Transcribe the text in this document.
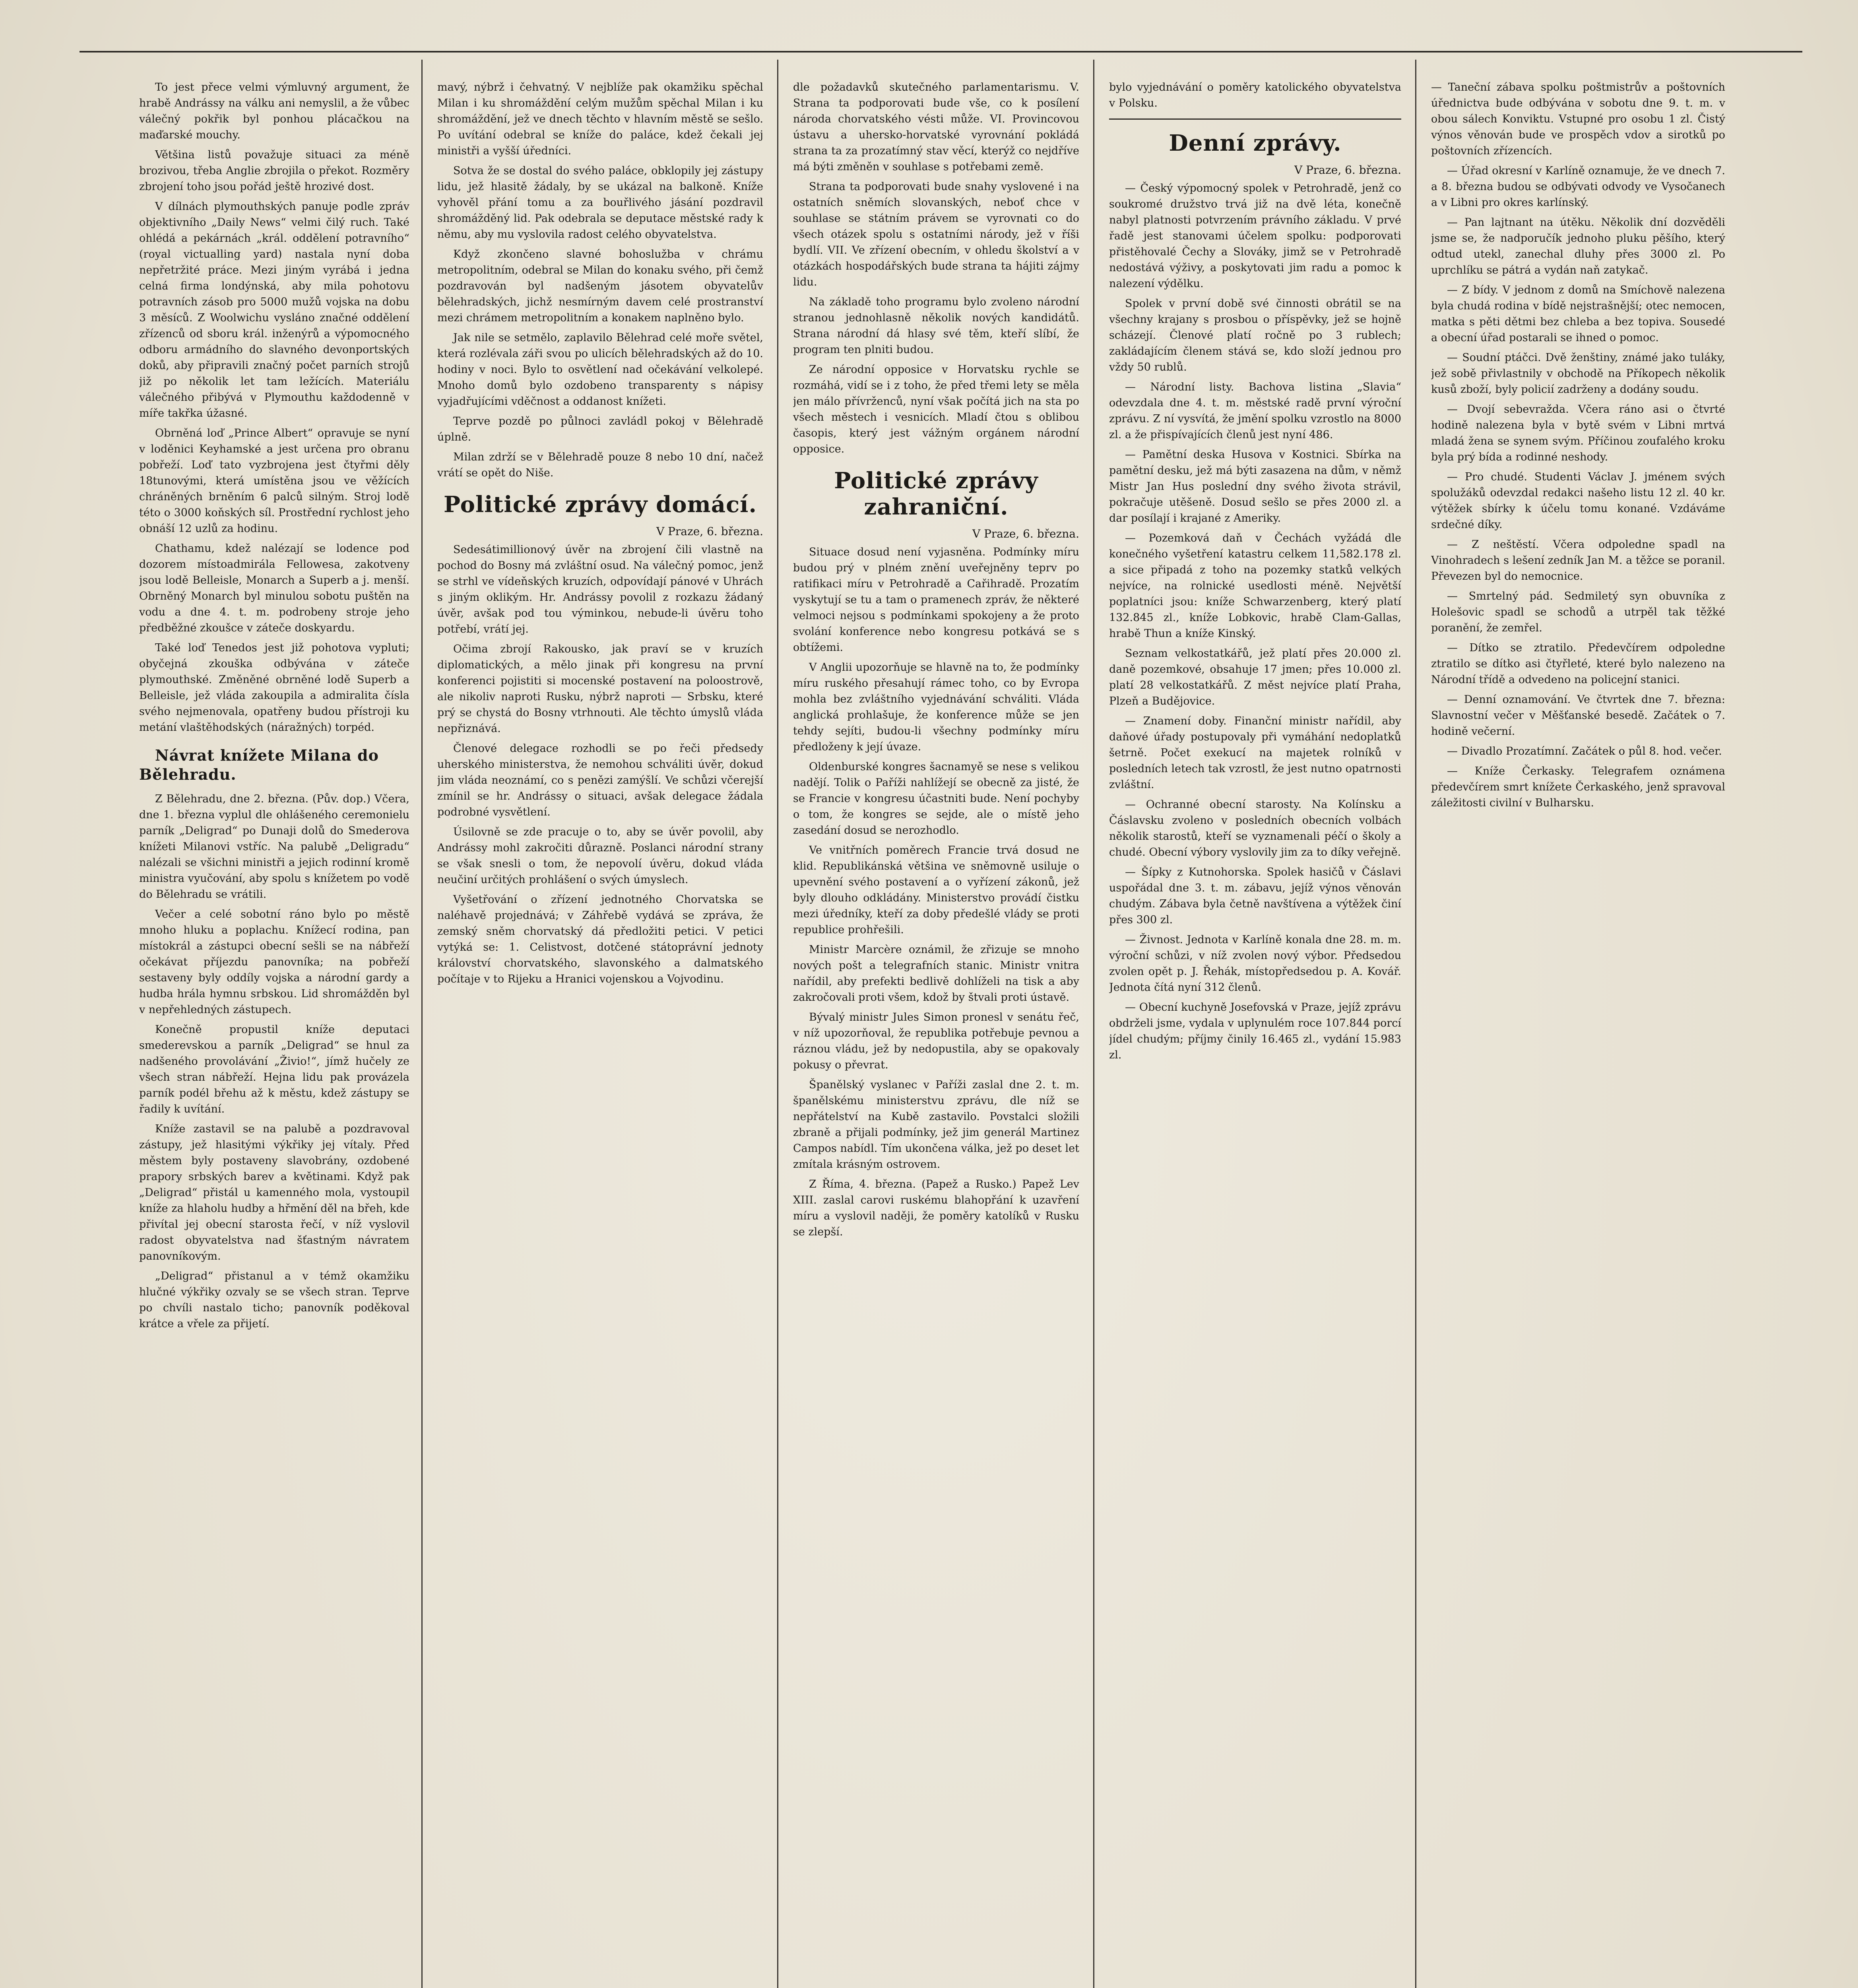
To jest přece velmi výmluvný argument, že hrabě Andrássy na válku ani nemyslil, a že vůbec válečný pokřik byl ponhou plácačkou na maďarské mouchy.

Většina listů považuje situaci za méně brozivou, třeba Anglie zbrojila o překot. Rozměry zbrojení toho jsou pořád ještě hrozivé dost.

V dílnách plymouthských panuje podle zpráv objektivního „Daily News“ velmi čilý ruch. Také ohlédá a pekárnách „král. oddělení potravního“ (royal victualling yard) nastala nyní doba nepřetržité práce. Mezi jiným vyrábá i jedna celná firma londýnská, aby mila pohotovu potravních zásob pro 5000 mužů vojska na dobu 3 měsíců. Z Woolwichu vysláno značné oddělení zřízenců od sboru král. inženýrů a výpomocného odboru armádního do slavného devonportských doků, aby připravili značný počet parních strojů již po několik let tam ležících. Materiálu válečného přibývá v Plymouthu každodenně v míře takřka úžasné.

Obrněná loď „Prince Albert“ opravuje se nyní v loděnici Keyhamské a jest určena pro obranu pobřeží. Loď tato vyzbrojena jest čtyřmi děly 18tunovými, která umístěna jsou ve věžících chráněných brněním 6 palců silným. Stroj lodě této o 3000 koňských síl. Prostřední rychlost jeho obnáší 12 uzlů za hodinu.

Chathamu, kdež nalézají se lodence pod dozorem místoadmirála Fellowesa, zakotveny jsou lodě Belleisle, Monarch a Superb a j. menší. Obrněný Monarch byl minulou sobotu puštěn na vodu a dne 4. t. m. podrobeny stroje jeho předběžné zkoušce v záteče doskyardu.

Také loď Tenedos jest již pohotova vypluti; obyčejná zkouška odbývána v záteče plymouthské. Změněné obrněné lodě Superb a Belleisle, jež vláda zakoupila a admiralita čísla svého nejmenovala, opatřeny budou přístroji ku metání vlaštěhodských (náražných) torpéd.

Návrat knížete Milana do Bělehradu.

Z Bělehradu, dne 2. března. (Pův. dop.) Včera, dne 1. března vyplul dle ohlášeného ceremonielu parník „Deligrad“ po Dunaji dolů do Smederova knížeti Milanovi vstříc. Na palubě „Deligradu“ nalézali se všichni ministři a jejich rodinní kromě ministra vyučování, aby spolu s knížetem po vodě do Bělehradu se vrátili.

Večer a celé sobotní ráno bylo po městě mnoho hluku a poplachu. Knížecí rodina, pan místokrál a zástupci obecní sešli se na nábřeží očekávat příjezdu panovníka; na pobřeží sestaveny byly oddíly vojska a národní gardy a hudba hrála hymnu srbskou. Lid shromážděn byl v nepřehledných zástupech.

Konečně propustil kníže deputaci smederevskou a parník „Deligrad“ se hnul za nadšeného provolávání „Živio!“, jímž hučely ze všech stran nábřeží. Hejna lidu pak provázela parník podél břehu až k městu, kdež zástupy se řadily k uvítání.

Kníže zastavil se na palubě a pozdravoval zástupy, jež hlasitými výkřiky jej vítaly. Před městem byly postaveny slavobrány, ozdobené prapory srbských barev a květinami. Když pak „Deligrad“ přistál u kamenného mola, vystoupil kníže za hlaholu hudby a hřmění děl na břeh, kde přivítal jej obecní starosta řečí, v níž vyslovil radost obyvatelstva nad šťastným návratem panovníkovým.

„Deligrad“ přistanul a v témž okamžiku hlučné výkřiky ozvaly se se všech stran. Teprve po chvíli nastalo ticho; panovník poděkoval krátce a vřele za přijetí.

mavý, nýbrž i čehvatný. V nejblíže pak okamžiku spěchal Milan i ku shromáždění celým mužům spěchal Milan i ku shromáždění, jež ve dnech těchto v hlavním městě se sešlo. Po uvítání odebral se kníže do paláce, kdež čekali jej ministři a vyšší úředníci.

Sotva že se dostal do svého paláce, obklopily jej zástupy lidu, jež hlasitě žádaly, by se ukázal na balkoně. Kníže vyhověl přání tomu a za bouřlivého jásání pozdravil shromážděný lid. Pak odebrala se deputace městské rady k němu, aby mu vyslovila radost celého obyvatelstva.

Když zkončeno slavné bohoslužba v chrámu metropolitním, odebral se Milan do konaku svého, při čemž pozdravován byl nadšeným jásotem obyvatelův bělehradských, jichž nesmírným davem celé prostranství mezi chrámem metropolitním a konakem naplněno bylo.

Jak nile se setmělo, zaplavilo Bělehrad celé moře světel, která rozlévala záři svou po ulicích bělehradských až do 10. hodiny v noci. Bylo to osvětlení nad očekávání velkolepé. Mnoho domů bylo ozdobeno transparenty s nápisy vyjadřujícími vděčnost a oddanost knížeti.

Teprve pozdě po půlnoci zavládl pokoj v Bělehradě úplně.

Milan zdrží se v Bělehradě pouze 8 nebo 10 dní, načež vrátí se opět do Niše.

Politické zprávy domácí.
V Praze, 6. března.

Sedesátimillionový úvěr na zbrojení čili vlastně na pochod do Bosny má zvláštní osud. Na válečný pomoc, jenž se strhl ve vídeňských kruzích, odpovídají pánové v Uhrách s jiným oklikým. Hr. Andrássy povolil z rozkazu žádaný úvěr, avšak pod tou výminkou, nebude-li úvěru toho potřebí, vrátí jej.

Očima zbrojí Rakousko, jak praví se v kruzích diplomatických, a mělo jinak při kongresu na první konferenci pojistiti si mocenské postavení na poloostrově, ale nikoliv naproti Rusku, nýbrž naproti — Srbsku, které prý se chystá do Bosny vtrhnouti. Ale těchto úmyslů vláda nepřiznává.

Členové delegace rozhodli se po řeči předsedy uherského ministerstva, že nemohou schváliti úvěr, dokud jim vláda neoznámí, co s penězi zamýšlí. Ve schůzi včerejší zmínil se hr. Andrássy o situaci, avšak delegace žádala podrobné vysvětlení.

Úsilovně se zde pracuje o to, aby se úvěr povolil, aby Andrássy mohl zakročiti důrazně. Poslanci národní strany se však snesli o tom, že nepovolí úvěru, dokud vláda neučiní určitých prohlášení o svých úmyslech.

Vyšetřování o zřízení jednotného Chorvatska se naléhavě projednává; v Záhřebě vydává se zpráva, že zemský sněm chorvatský dá předložiti petici. V petici vytýká se: 1. Celistvost, dotčené státoprávní jednoty království chorvatského, slavonského a dalmatského počítaje v to Rijeku a Hranici vojenskou a Vojvodinu.

dle požadavků skutečného parlamentarismu. V. Strana ta podporovati bude vše, co k posílení národa chorvatského vésti může. VI. Provincovou ústavu a uhersko-horvatské vyrovnání pokládá strana ta za prozatímný stav věcí, kterýž co nejdříve má býti změněn v souhlase s potřebami země.

Strana ta podporovati bude snahy vyslovené i na ostatních sněmích slovanských, neboť chce v souhlase se státním právem se vyrovnati co do všech otázek spolu s ostatními národy, jež v říši bydlí. VII. Ve zřízení obecním, v ohledu školství a v otázkách hospodářských bude strana ta hájiti zájmy lidu.

Na základě toho programu bylo zvoleno národní stranou jednohlasně několik nových kandidátů. Strana národní dá hlasy své těm, kteří slíbí, že program ten plniti budou.

Ze národní opposice v Horvatsku rychle se rozmáhá, vidí se i z toho, že před třemi lety se měla jen málo přívrženců, nyní však počítá jich na sta po všech městech i vesnicích. Mladí čtou s oblibou časopis, který jest vážným orgánem národní opposice.

Politické zprávy zahraniční.
V Praze, 6. března.

Situace dosud není vyjasněna. Podmínky míru budou prý v plném znění uveřejněny teprv po ratifikaci míru v Petrohradě a Cařihradě. Prozatím vyskytují se tu a tam o pramenech zpráv, že některé velmoci nejsou s podmínkami spokojeny a že proto svolání konference nebo kongresu potkává se s obtížemi.

V Anglii upozorňuje se hlavně na to, že podmínky míru ruského přesahují rámec toho, co by Evropa mohla bez zvláštního vyjednávání schváliti. Vláda anglická prohlašuje, že konference může se jen tehdy sejíti, budou-li všechny podmínky míru předloženy k její úvaze.

Oldenburské kongres šacnamyě se nese s velikou nadějí. Tolik o Paříži nahlížejí se obecně za jisté, že se Francie v kongresu účastniti bude. Není pochyby o tom, že kongres se sejde, ale o místě jeho zasedání dosud se nerozhodlo.

Ve vnitřních poměrech Francie trvá dosud ne klid. Republikánská většina ve sněmovně usiluje o upevnění svého postavení a o vyřízení zákonů, jež byly dlouho odkládány. Ministerstvo provádí čistku mezi úředníky, kteří za doby předešlé vlády se proti republice prohřešili.

Ministr Marcère oznámil, že zřizuje se mnoho nových pošt a telegrafních stanic. Ministr vnitra nařídil, aby prefekti bedlivě dohlíželi na tisk a aby zakročovali proti všem, kdož by štvali proti ústavě.

Bývalý ministr Jules Simon pronesl v senátu řeč, v níž upozorňoval, že republika potřebuje pevnou a ráznou vládu, jež by nedopustila, aby se opakovaly pokusy o převrat.

Španělský vyslanec v Paříži zaslal dne 2. t. m. španělskému ministerstvu zprávu, dle níž se nepřátelství na Kubě zastavilo. Povstalci složili zbraně a přijali podmínky, jež jim generál Martinez Campos nabídl. Tím ukončena válka, jež po deset let zmítala krásným ostrovem.

Z Říma, 4. března. (Papež a Rusko.) Papež Lev XIII. zaslal carovi ruskému blahopřání k uzavření míru a vyslovil naději, že poměry katolíků v Rusku se zlepší.

bylo vyjednávání o poměry katolického obyvatelstva v Polsku.

Denní zprávy.
V Praze, 6. března.

— Český výpomocný spolek v Petrohradě, jenž co soukromé družstvo trvá již na dvě léta, konečně nabyl platnosti potvrzením právního základu. V prvé řadě jest stanovami účelem spolku: podporovati přistěhovalé Čechy a Slováky, jimž se v Petrohradě nedostává výživy, a poskytovati jim radu a pomoc k nalezení výdělku.

Spolek v první době své činnosti obrátil se na všechny krajany s prosbou o příspěvky, jež se hojně scházejí. Členové platí ročně po 3 rublech; zakládajícím členem stává se, kdo složí jednou pro vždy 50 rublů.

— Národní listy. Bachova listina „Slavia“ odevzdala dne 4. t. m. městské radě první výroční zprávu. Z ní vysvítá, že jmění spolku vzrostlo na 8000 zl. a že přispívajících členů jest nyní 486.

— Pamětní deska Husova v Kostnici. Sbírka na pamětní desku, jež má býti zasazena na dům, v němž Mistr Jan Hus poslední dny svého života strávil, pokračuje utěšeně. Dosud sešlo se přes 2000 zl. a dar posílají i krajané z Ameriky.

— Pozemková daň v Čechách vyžádá dle konečného vyšetření katastru celkem 11,582.178 zl. a sice připadá z toho na pozemky statků velkých nejvíce, na rolnické usedlosti méně. Největší poplatníci jsou: kníže Schwarzenberg, který platí 132.845 zl., kníže Lobkovic, hrabě Clam-Gallas, hrabě Thun a kníže Kinský.

Seznam velkostatkářů, jež platí přes 20.000 zl. daně pozemkové, obsahuje 17 jmen; přes 10.000 zl. platí 28 velkostatkářů. Z měst nejvíce platí Praha, Plzeň a Budějovice.

— Znamení doby. Finanční ministr nařídil, aby daňové úřady postupovaly při vymáhání nedoplatků šetrně. Počet exekucí na majetek rolníků v posledních letech tak vzrostl, že jest nutno opatrnosti zvláštní.

— Ochranné obecní starosty. Na Kolínsku a Čáslavsku zvoleno v posledních obecních volbách několik starostů, kteří se vyznamenali péčí o školy a chudé. Obecní výbory vyslovily jim za to díky veřejně.

— Šípky z Kutnohorska. Spolek hasičů v Čáslavi uspořádal dne 3. t. m. zábavu, jejíž výnos věnován chudým. Zábava byla četně navštívena a výtěžek činí přes 300 zl.

— Živnost. Jednota v Karlíně konala dne 28. m. m. výroční schůzi, v níž zvolen nový výbor. Předsedou zvolen opět p. J. Řehák, místopředsedou p. A. Kovář. Jednota čítá nyní 312 členů.

— Obecní kuchyně Josefovská v Praze, jejíž zprávu obdrželi jsme, vydala v uplynulém roce 107.844 porcí jídel chudým; příjmy činily 16.465 zl., vydání 15.983 zl.

— Taneční zábava spolku poštmistrův a poštovních úřednictva bude odbývána v sobotu dne 9. t. m. v obou sálech Konviktu. Vstupné pro osobu 1 zl. Čistý výnos věnován bude ve prospěch vdov a sirotků po poštovních zřízencích.

— Úřad okresní v Karlíně oznamuje, že ve dnech 7. a 8. března budou se odbývati odvody ve Vysočanech a v Libni pro okres karlínský.

— Pan lajtnant na útěku. Několik dní dozvěděli jsme se, že nadporučík jednoho pluku pěšího, který odtud utekl, zanechal dluhy přes 3000 zl. Po uprchlíku se pátrá a vydán naň zatykač.

— Z bídy. V jednom z domů na Smíchově nalezena byla chudá rodina v bídě nejstrašnější; otec nemocen, matka s pěti dětmi bez chleba a bez topiva. Sousedé a obecní úřad postarali se ihned o pomoc.

— Soudní ptáčci. Dvě ženštiny, známé jako tuláky, jež sobě přivlastnily v obchodě na Příkopech několik kusů zboží, byly policií zadrženy a dodány soudu.

— Dvojí sebevražda. Včera ráno asi o čtvrté hodině nalezena byla v bytě svém v Libni mrtvá mladá žena se synem svým. Příčinou zoufalého kroku byla prý bída a rodinné neshody.

— Pro chudé. Studenti Václav J. jménem svých spolužáků odevzdal redakci našeho listu 12 zl. 40 kr. výtěžek sbírky k účelu tomu konané. Vzdáváme srdečné díky.

— Z neštěstí. Včera odpoledne spadl na Vinohradech s lešení zedník Jan M. a těžce se poranil. Převezen byl do nemocnice.

— Smrtelný pád. Sedmiletý syn obuvníka z Holešovic spadl se schodů a utrpěl tak těžké poranění, že zemřel.

— Dítko se ztratilo. Předevčírem odpoledne ztratilo se dítko asi čtyřleté, které bylo nalezeno na Národní třídě a odvedeno na policejní stanici.

— Denní oznamování. Ve čtvrtek dne 7. března: Slavnostní večer v Měšťanské besedě. Začátek o 7. hodině večerní.

— Divadlo Prozatímní. Začátek o půl 8. hod. večer.

— Kníže Čerkasky. Telegrafem oznámena předevčírem smrt knížete Čerkaského, jenž spravoval záležitosti civilní v Bulharsku.
